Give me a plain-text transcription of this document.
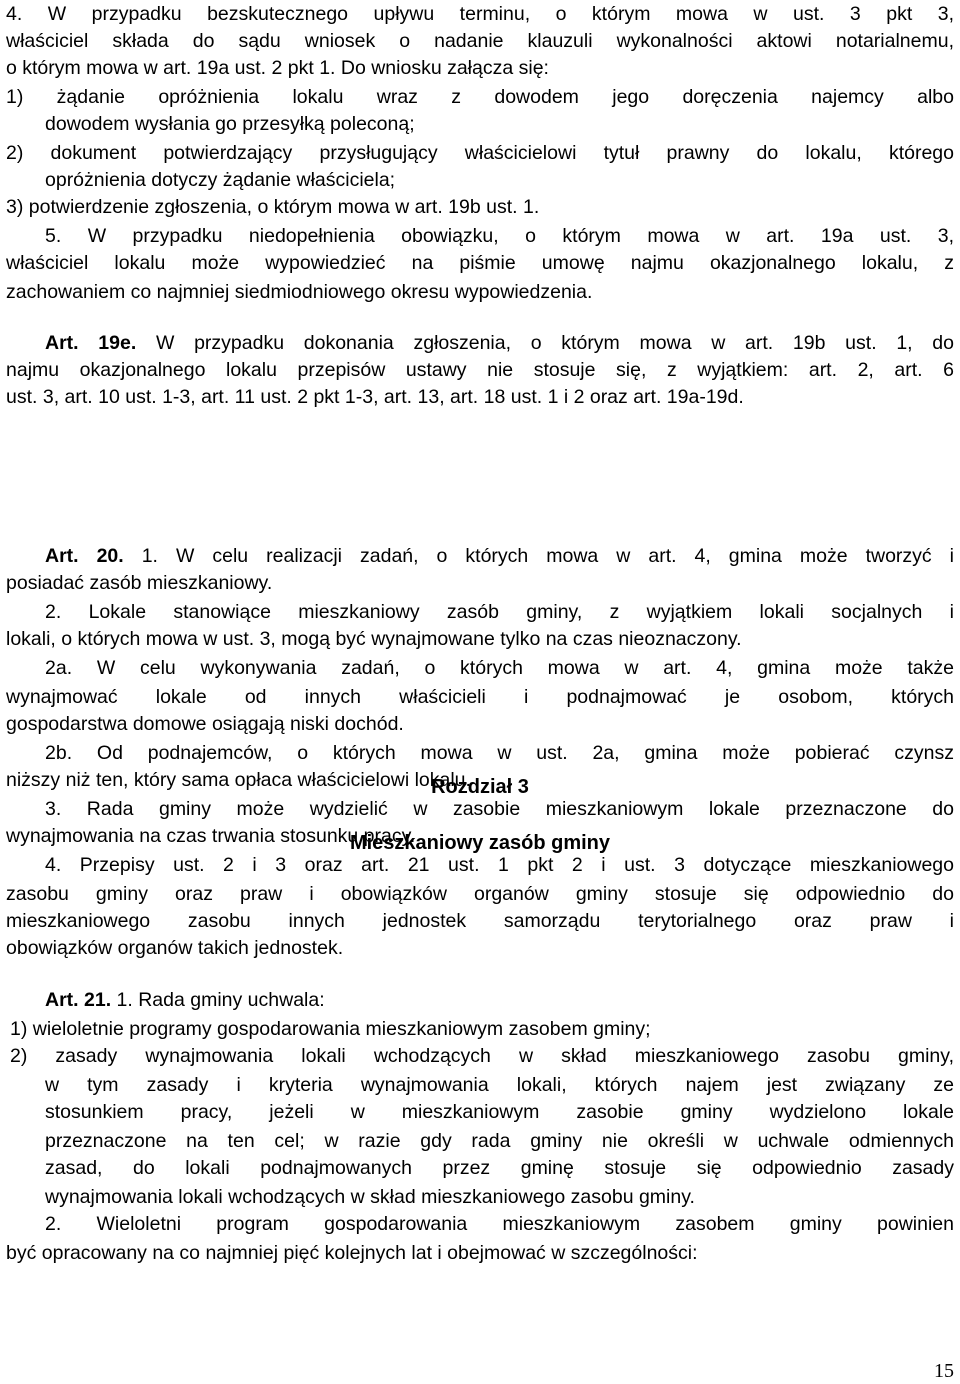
4. W przypadku bezskutecznego upływu terminu, o którym mowa w ust. 3 pkt 3,
właściciel składa do sądu wniosek o nadanie klauzuli wykonalności aktowi notarialnemu,
o którym mowa w art. 19a ust. 2 pkt 1. Do wniosku załącza się:
1) żądanie opróżnienia lokalu wraz z dowodem jego doręczenia najemcy albo
dowodem wysłania go przesyłką poleconą;
2) dokument potwierdzający przysługujący właścicielowi tytuł prawny do lokalu, którego
opróżnienia dotyczy żądanie właściciela;
3) potwierdzenie zgłoszenia, o którym mowa w art. 19b ust. 1.
5. W przypadku niedopełnienia obowiązku, o którym mowa w art. 19a ust. 3,
właściciel lokalu może wypowiedzieć na piśmie umowę najmu okazjonalnego lokalu, z
zachowaniem co najmniej siedmiodniowego okresu wypowiedzenia.
Art. 19e. W przypadku dokonania zgłoszenia, o którym mowa w art. 19b ust. 1, do
najmu okazjonalnego lokalu przepisów ustawy nie stosuje się, z wyjątkiem: art. 2, art. 6
ust. 3, art. 10 ust. 1-3, art. 11 ust. 2 pkt 1-3, art. 13, art. 18 ust. 1 i 2 oraz art. 19a-19d.
Art. 20. 1. W celu realizacji zadań, o których mowa w art. 4, gmina może tworzyć i
posiadać zasób mieszkaniowy.
2. Lokale stanowiące mieszkaniowy zasób gminy, z wyjątkiem lokali socjalnych i
lokali, o których mowa w ust. 3, mogą być wynajmowane tylko na czas nieoznaczony.
2a. W celu wykonywania zadań, o których mowa w art. 4, gmina może także
wynajmować lokale od innych właścicieli i podnajmować je osobom, których
gospodarstwa domowe osiągają niski dochód.
2b. Od podnajemców, o których mowa w ust. 2a, gmina może pobierać czynsz
niższy niż ten, który sama opłaca właścicielowi lokalu.
3. Rada gminy może wydzielić w zasobie mieszkaniowym lokale przeznaczone do
wynajmowania na czas trwania stosunku pracy.
4. Przepisy ust. 2 i 3 oraz art. 21 ust. 1 pkt 2 i ust. 3 dotyczące mieszkaniowego
zasobu gminy oraz praw i obowiązków organów gminy stosuje się odpowiednio do
mieszkaniowego zasobu innych jednostek samorządu terytorialnego oraz praw i
obowiązków organów takich jednostek.
Art. 21. 1. Rada gminy uchwala:
1) wieloletnie programy gospodarowania mieszkaniowym zasobem gminy;
2) zasady wynajmowania lokali wchodzących w skład mieszkaniowego zasobu gminy,
w tym zasady i kryteria wynajmowania lokali, których najem jest związany ze
stosunkiem pracy, jeżeli w mieszkaniowym zasobie gminy wydzielono lokale
przeznaczone na ten cel; w razie gdy rada gminy nie określi w uchwale odmiennych
zasad, do lokali podnajmowanych przez gminę stosuje się odpowiednio zasady
wynajmowania lokali wchodzących w skład mieszkaniowego zasobu gminy.
2. Wieloletni program gospodarowania mieszkaniowym zasobem gminy powinien
być opracowany na co najmniej pięć kolejnych lat i obejmować w szczególności:
Rozdział 3
Mieszkaniowy zasób gminy
15
